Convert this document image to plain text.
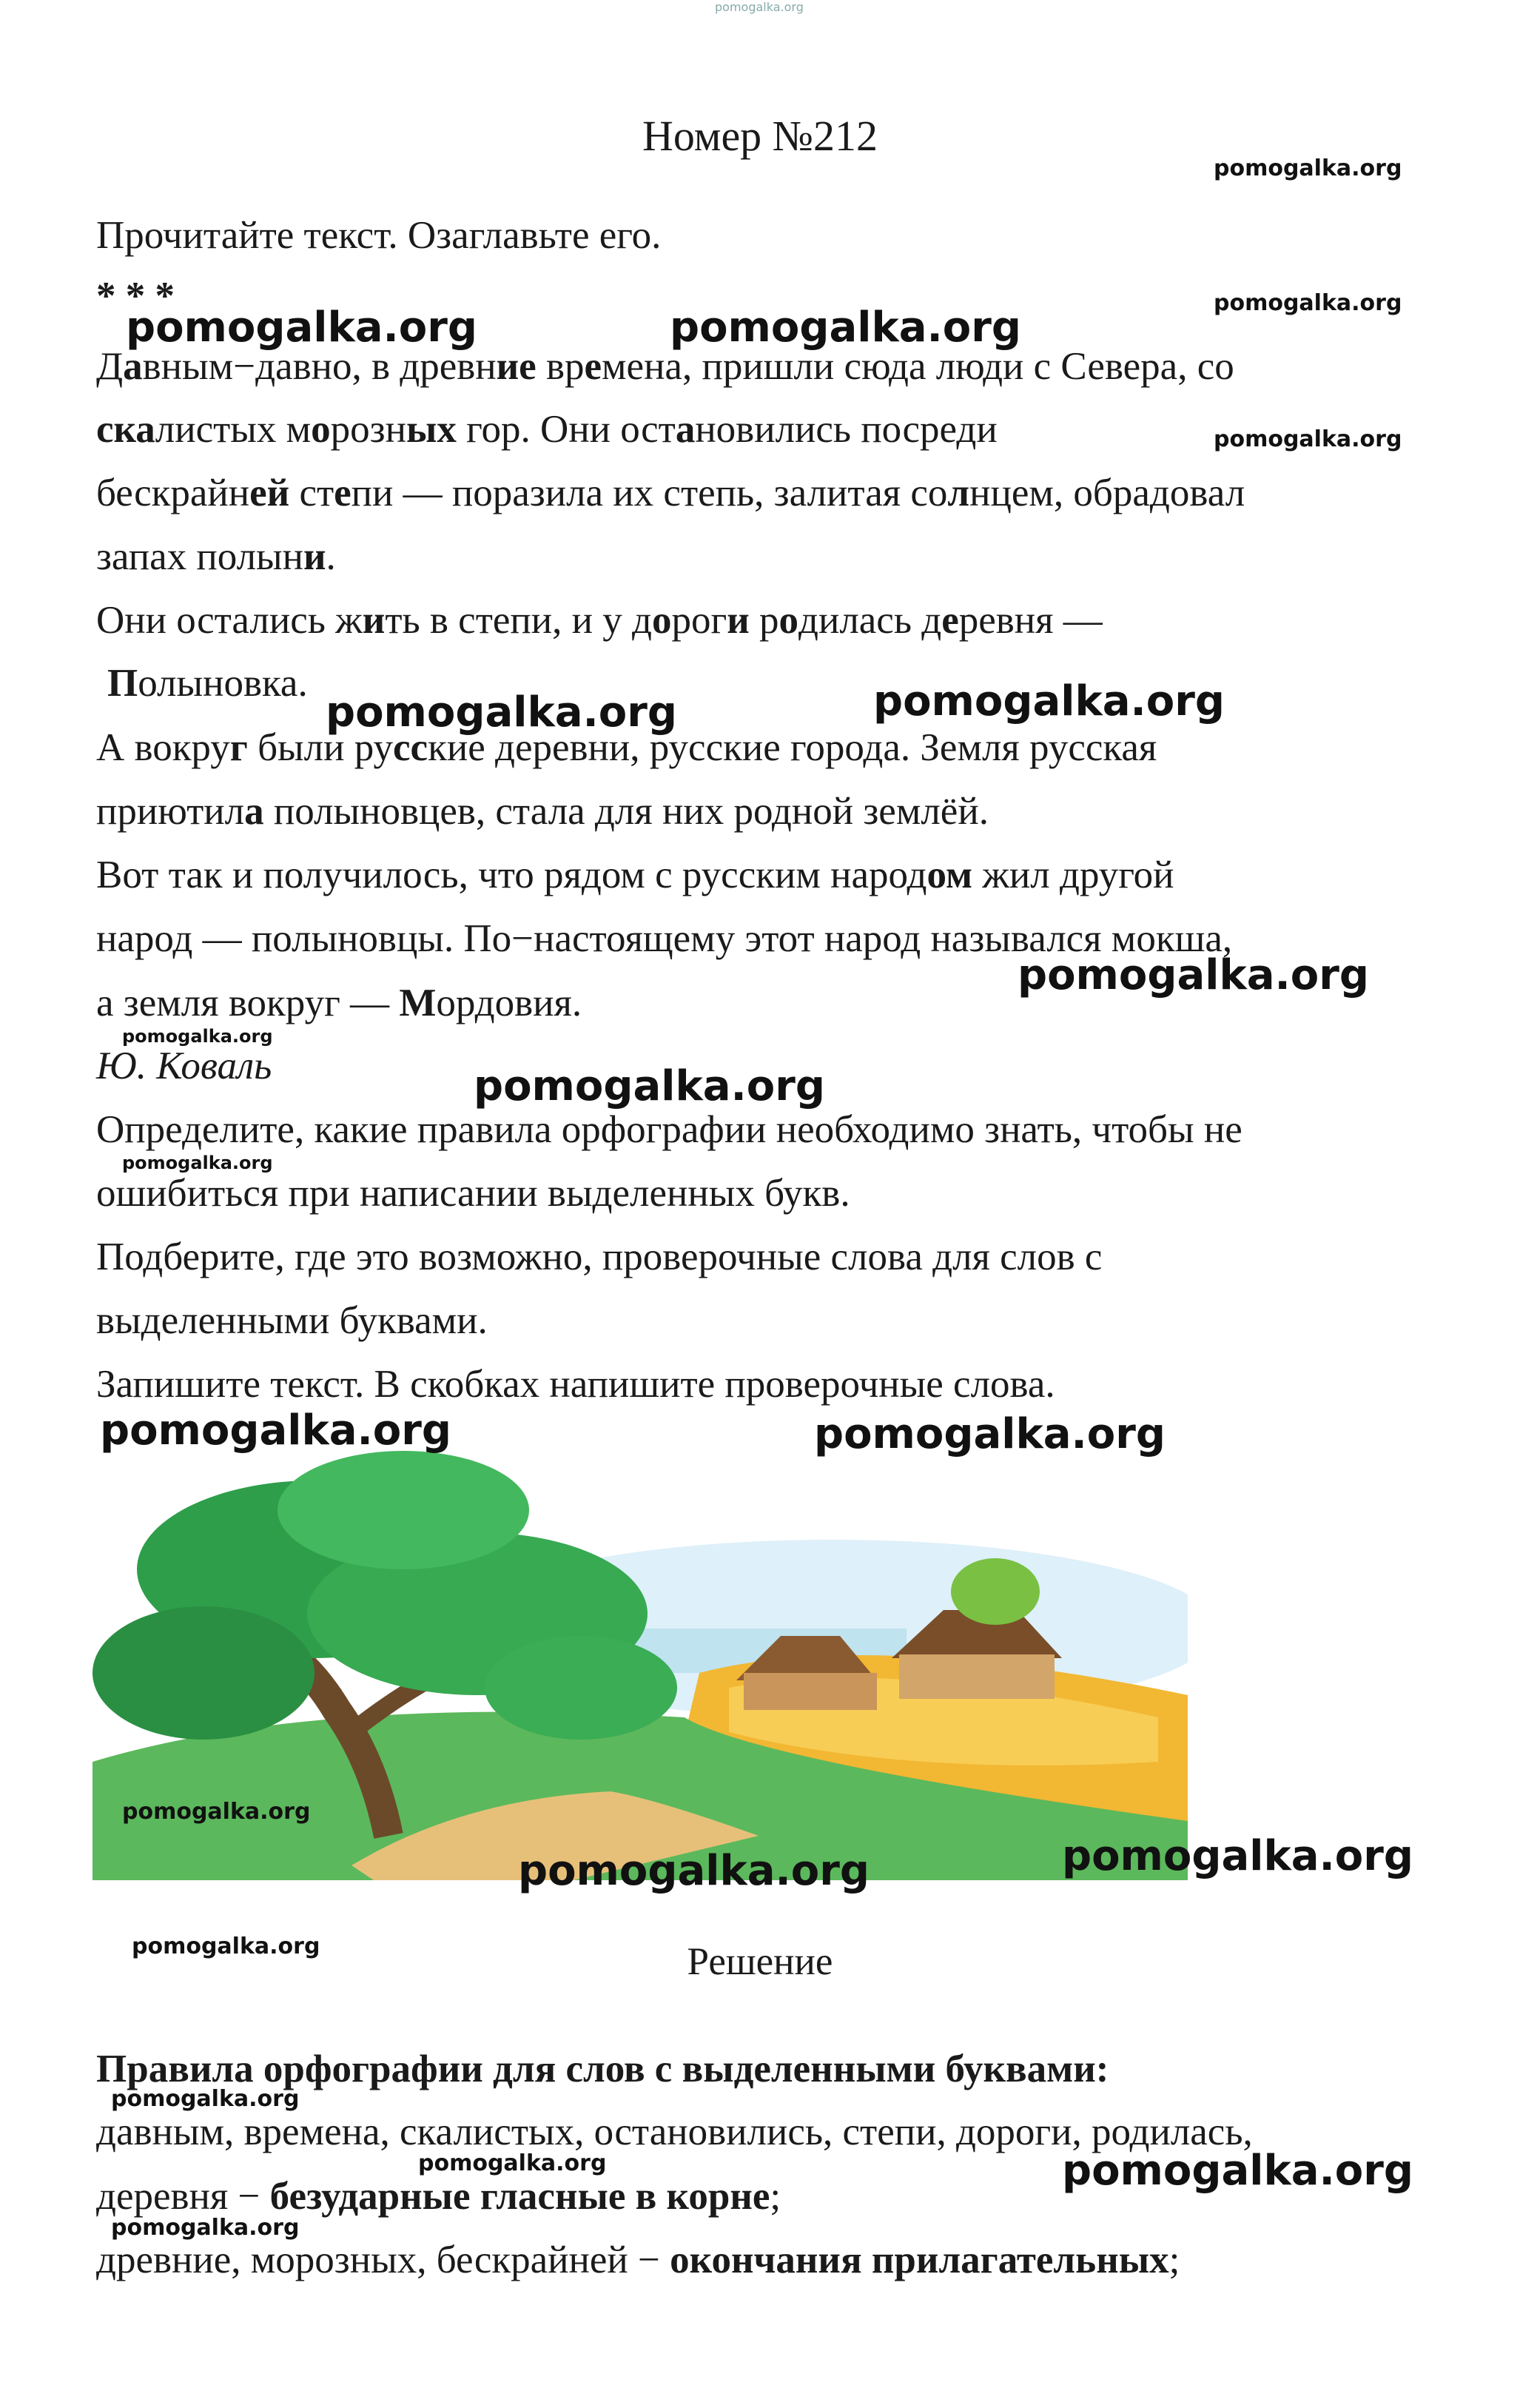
pomogalka.org
Номер №212
Прочитайте текст. Озаглавьте его.
* * *
Давным−давно, в древние времена, пришли сюда люди с Севера, со
скалистых морозных гор. Они остановились посреди
бескрайней степи — поразила их степь, залитая солнцем, обрадовал
запах полыни.
Они остались жить в степи, и у дороги родилась деревня —
Полыновка.
А вокруг были русские деревни, русские города. Земля русская
приютила полыновцев, стала для них родной землёй.
Вот так и получилось, что рядом с русским народом жил другой
народ — полыновцы. По−настоящему этот народ назывался мокша,
а земля вокруг — Мордовия.
Ю. Коваль
Определите, какие правила орфографии необходимо знать, чтобы не
ошибиться при написании выделенных букв.
Подберите, где это возможно, проверочные слова для слов с
выделенными буквами.
Запишите текст. В скобках напишите проверочные слова.
Решение
Правила орфографии для слов с выделенными буквами:
давным, времена, скалистых, остановились, степи, дороги, родилась,
деревня − безударные гласные в корне;
древние, морозных, бескрайней − окончания прилагательных;
pomogalka.org
pomogalka.org
pomogalka.org
pomogalka.org	pomogalka.org
pomogalka.org	pomogalka.org
pomogalka.org
pomogalka.org
pomogalka.org
pomogalka.org
pomogalka.org	pomogalka.org
pomogalka.org
pomogalka.org	pomogalka.org
pomogalka.org
pomogalka.org
pomogalka.org	pomogalka.org
pomogalka.org
